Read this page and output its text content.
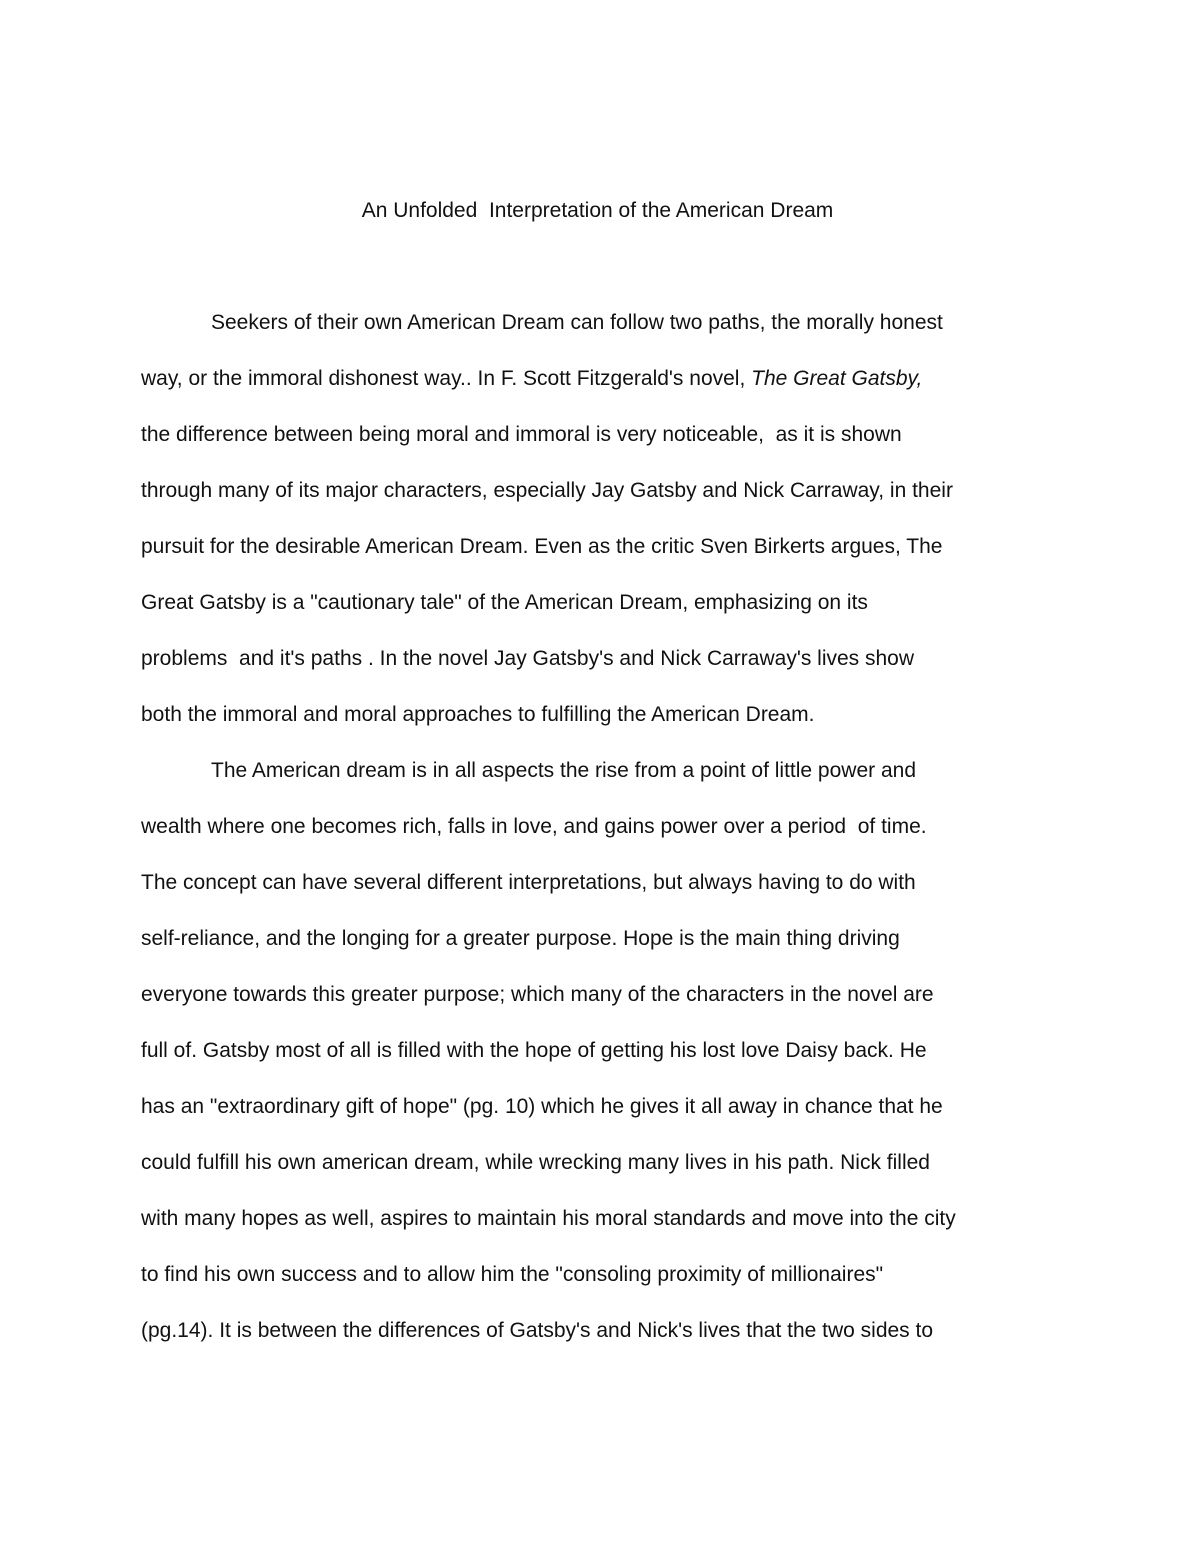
An Unfolded  Interpretation of the American Dream
Seekers of their own American Dream can follow two paths, the morally honest
way, or the immoral dishonest way.. In F. Scott Fitzgerald's novel, The Great Gatsby,
the difference between being moral and immoral is very noticeable,  as it is shown
through many of its major characters, especially Jay Gatsby and Nick Carraway, in their
pursuit for the desirable American Dream. Even as the critic Sven Birkerts argues, The
Great Gatsby is a "cautionary tale" of the American Dream, emphasizing on its
problems  and it's paths . In the novel Jay Gatsby's and Nick Carraway's lives show
both the immoral and moral approaches to fulfilling the American Dream.
The American dream is in all aspects the rise from a point of little power and
wealth where one becomes rich, falls in love, and gains power over a period  of time.
The concept can have several different interpretations, but always having to do with
self-reliance, and the longing for a greater purpose. Hope is the main thing driving
everyone towards this greater purpose; which many of the characters in the novel are
full of. Gatsby most of all is filled with the hope of getting his lost love Daisy back. He
has an "extraordinary gift of hope" (pg. 10) which he gives it all away in chance that he
could fulfill his own american dream, while wrecking many lives in his path. Nick filled
with many hopes as well, aspires to maintain his moral standards and move into the city
to find his own success and to allow him the "consoling proximity of millionaires"
(pg.14). It is between the differences of Gatsby's and Nick's lives that the two sides to
